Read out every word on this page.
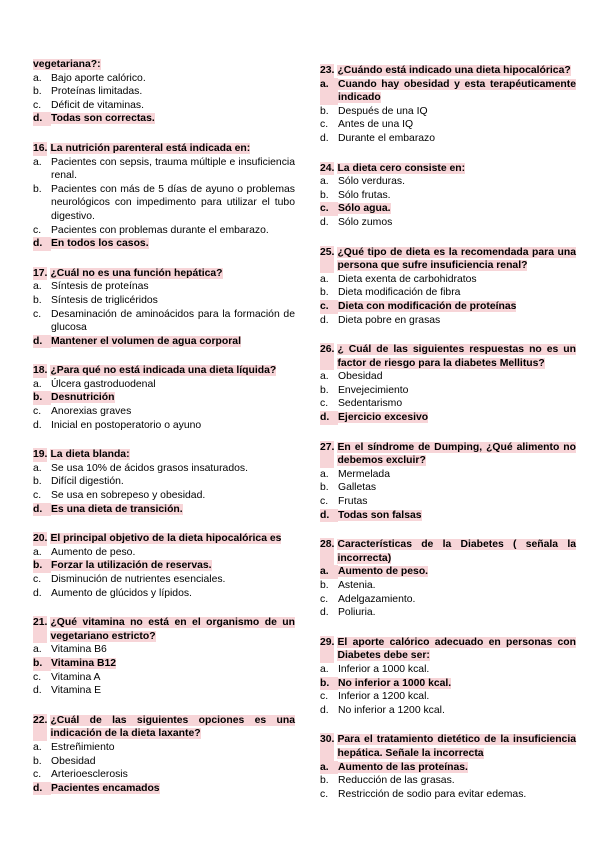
vegetariana?:
a. Bajo aporte calórico.
b. Proteínas limitadas.
c. Déficit de vitaminas.
d. Todas son correctas.
16. La nutrición parenteral está indicada en:
a. Pacientes con sepsis, trauma múltiple e insuficiencia renal.
b. Pacientes con más de 5 días de ayuno o problemas neurológicos con impedimento para utilizar el tubo digestivo.
c. Pacientes con problemas durante el embarazo.
d. En todos los casos.
17. ¿Cuál no es una función hepática?
a. Síntesis de proteínas
b. Síntesis de triglicéridos
c. Desaminación de aminoácidos para la formación de glucosa
d. Mantener el volumen de agua corporal
18. ¿Para qué no está indicada una dieta líquida?
a. Úlcera gastroduodenal
b. Desnutrición
c. Anorexias graves
d. Inicial en postoperatorio o ayuno
19. La dieta blanda:
a. Se usa 10% de ácidos grasos insaturados.
b. Difícil digestión.
c. Se usa en sobrepeso y obesidad.
d. Es una dieta de transición.
20. El principal objetivo de la dieta hipocalórica es
a. Aumento de peso.
b. Forzar la utilización de reservas.
c. Disminución de nutrientes esenciales.
d. Aumento de glúcidos y lípidos.
21. ¿Qué vitamina no está en el organismo de un vegetariano estricto?
a. Vitamina B6
b. Vitamina B12
c. Vitamina A
d. Vitamina E
22. ¿Cuál de las siguientes opciones es una indicación de la dieta laxante?
a. Estreñimiento
b. Obesidad
c. Arterioesclerosis
d. Pacientes encamados
23. ¿Cuándo está indicado una dieta hipocalórica?
a. Cuando hay obesidad y esta terapéuticamente indicado
b. Después de una IQ
c. Antes de una IQ
d. Durante el embarazo
24. La dieta cero consiste en:
a. Sólo verduras.
b. Sólo frutas.
c. Sólo agua.
d. Sólo zumos
25. ¿Qué tipo de dieta es la recomendada para una persona que sufre insuficiencia renal?
a. Dieta exenta de carbohidratos
b. Dieta modificación de fibra
c. Dieta con modificación de proteínas
d. Dieta pobre en grasas
26. ¿ Cuál de las siguientes respuestas no es un factor de riesgo para la diabetes Mellitus?
a. Obesidad
b. Envejecimiento
c. Sedentarismo
d. Ejercicio excesivo
27. En el síndrome de Dumping, ¿Qué alimento no debemos excluir?
a. Mermelada
b. Galletas
c. Frutas
d. Todas son falsas
28. Características de la Diabetes ( señala la incorrecta)
a. Aumento de peso.
b. Astenia.
c. Adelgazamiento.
d. Poliuria.
29. El aporte calórico adecuado en personas con Diabetes debe ser:
a. Inferior a 1000 kcal.
b. No inferior a 1000 kcal.
c. Inferior a 1200 kcal.
d. No inferior a 1200 kcal.
30. Para el tratamiento dietético de la insuficiencia hepática. Señale la incorrecta
a. Aumento de las proteínas.
b. Reducción de las grasas.
c. Restricción de sodio para evitar edemas.
